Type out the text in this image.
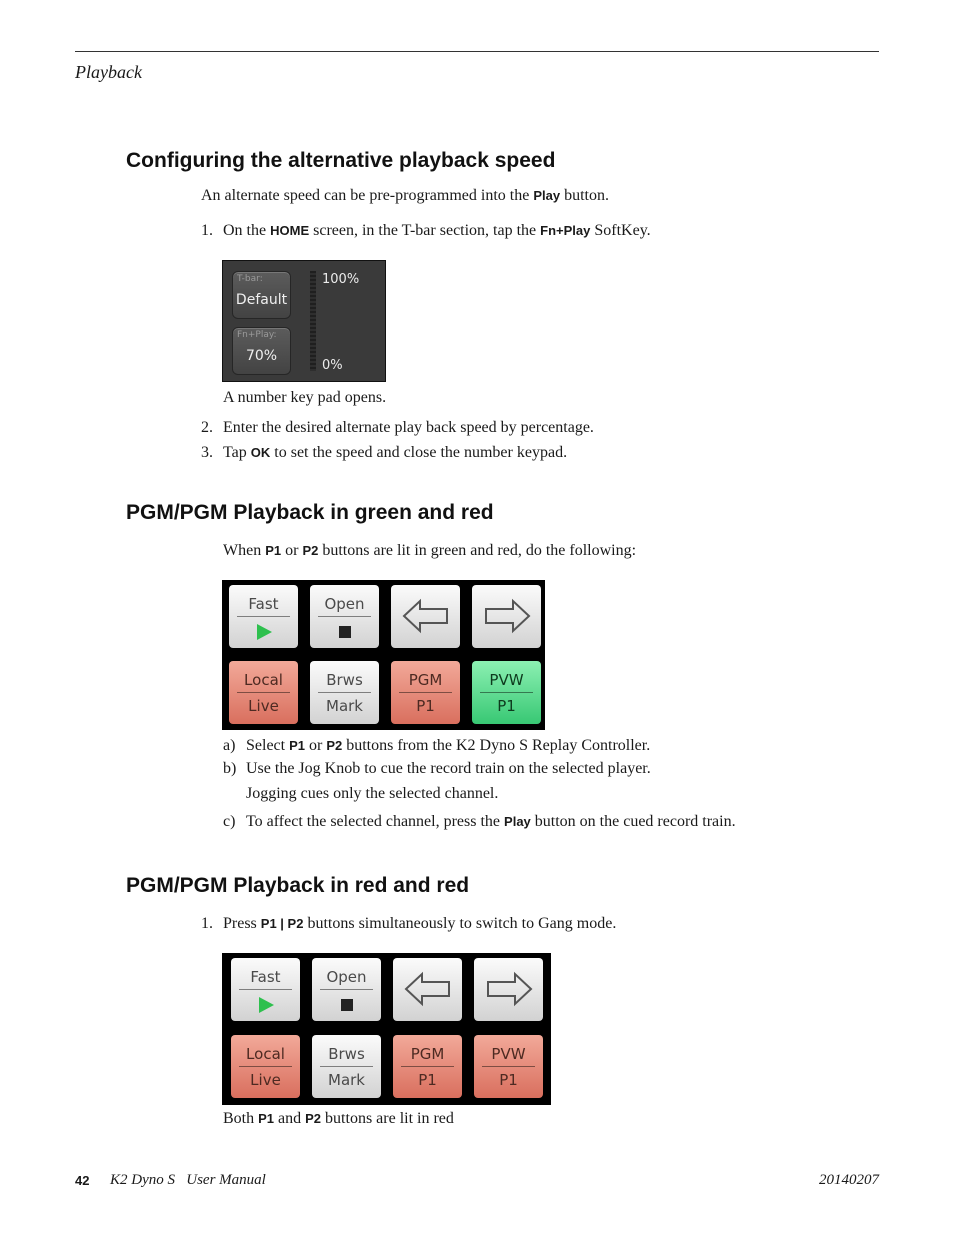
Playback
Configuring the alternative playback speed
An alternate speed can be pre-programmed into the Play button.
1. On the HOME screen, in the T-bar section, tap the Fn+Play SoftKey.
T-bar:
Default
Fn+Play:
70%
100%
0%
A number key pad opens.
2. Enter the desired alternate play back speed by percentage.
3. Tap OK to set the speed and close the number keypad.
PGM/PGM Playback in green and red
When P1 or P2 buttons are lit in green and red, do the following:
Fast	Open
Local
Live
Brws
Mark
PGM
P1
PVW
P1
a) Select P1 or P2 buttons from the K2 Dyno S Replay Controller.
b) Use the Jog Knob to cue the record train on the selected player.
Jogging cues only the selected channel.
c) To affect the selected channel, press the Play button on the cued record train.
PGM/PGM Playback in red and red
1. Press P1 | P2 buttons simultaneously to switch to Gang mode.
Fast	Open
Local
Live
Brws
Mark
PGM
P1
PVW
P1
Both P1 and P2 buttons are lit in red
42 K2 Dyno S   User Manual	20140207
